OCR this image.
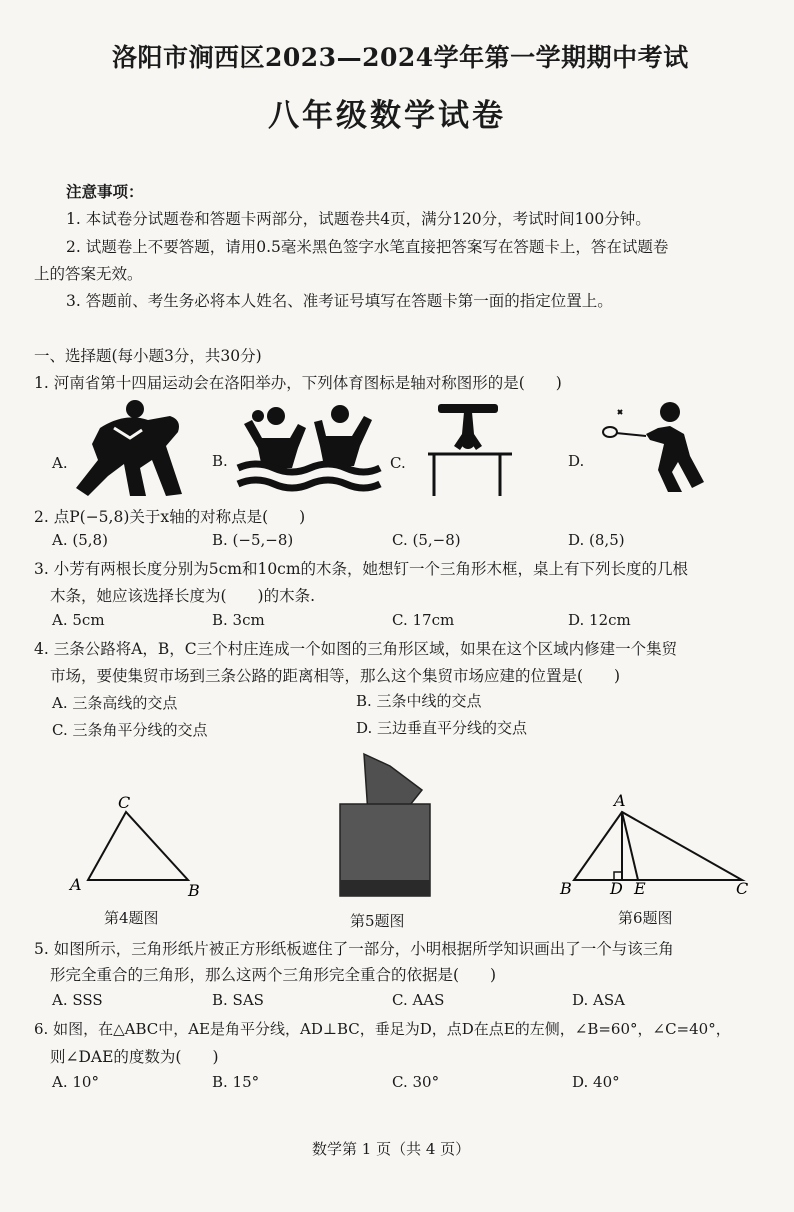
洛阳市涧西区2023—2024学年第一学期期中考试
八年级数学试卷
注意事项：
1. 本试卷分试题卷和答题卡两部分，试题卷共4页，满分120分，考试时间100分钟。
2. 试题卷上不要答题，请用0.5毫米黑色签字水笔直接把答案写在答题卡上，答在试题卷
上的答案无效。
3. 答题前、考生务必将本人姓名、准考证号填写在答题卡第一面的指定位置上。
一、选择题(每小题3分，共30分)
1. 河南省第十四届运动会在洛阳举办，下列体育图标是轴对称图形的是(　　)
A.	B.	C.	D.
2. 点P(−5,8)关于x轴的对称点是(　　)
A. (5,8)	B. (−5,−8)	C. (5,−8)	D. (8,5)
3. 小芳有两根长度分别为5cm和10cm的木条，她想钉一个三角形木框，桌上有下列长度的几根
木条，她应该选择长度为(　　)的木条.
A. 5cm	B. 3cm	C. 17cm	D. 12cm
4. 三条公路将A，B，C三个村庄连成一个如图的三角形区域，如果在这个区域内修建一个集贸
市场，要使集贸市场到三条公路的距离相等，那么这个集贸市场应建的位置是(　　)
A. 三条高线的交点	B. 三条中线的交点
C. 三条角平分线的交点	D. 三边垂直平分线的交点
C
A	B
第4题图	第5题图
A
B D E	C
第6题图
5. 如图所示，三角形纸片被正方形纸板遮住了一部分，小明根据所学知识画出了一个与该三角
形完全重合的三角形，那么这两个三角形完全重合的依据是(　　)
A. SSS	B. SAS	C. AAS	D. ASA
6. 如图，在△ABC中，AE是角平分线，AD⊥BC，垂足为D，点D在点E的左侧，∠B=60°，∠C=40°，
则∠DAE的度数为(　　)
A. 10°	B. 15°	C. 30°	D. 40°
数学第 1 页（共 4 页）
